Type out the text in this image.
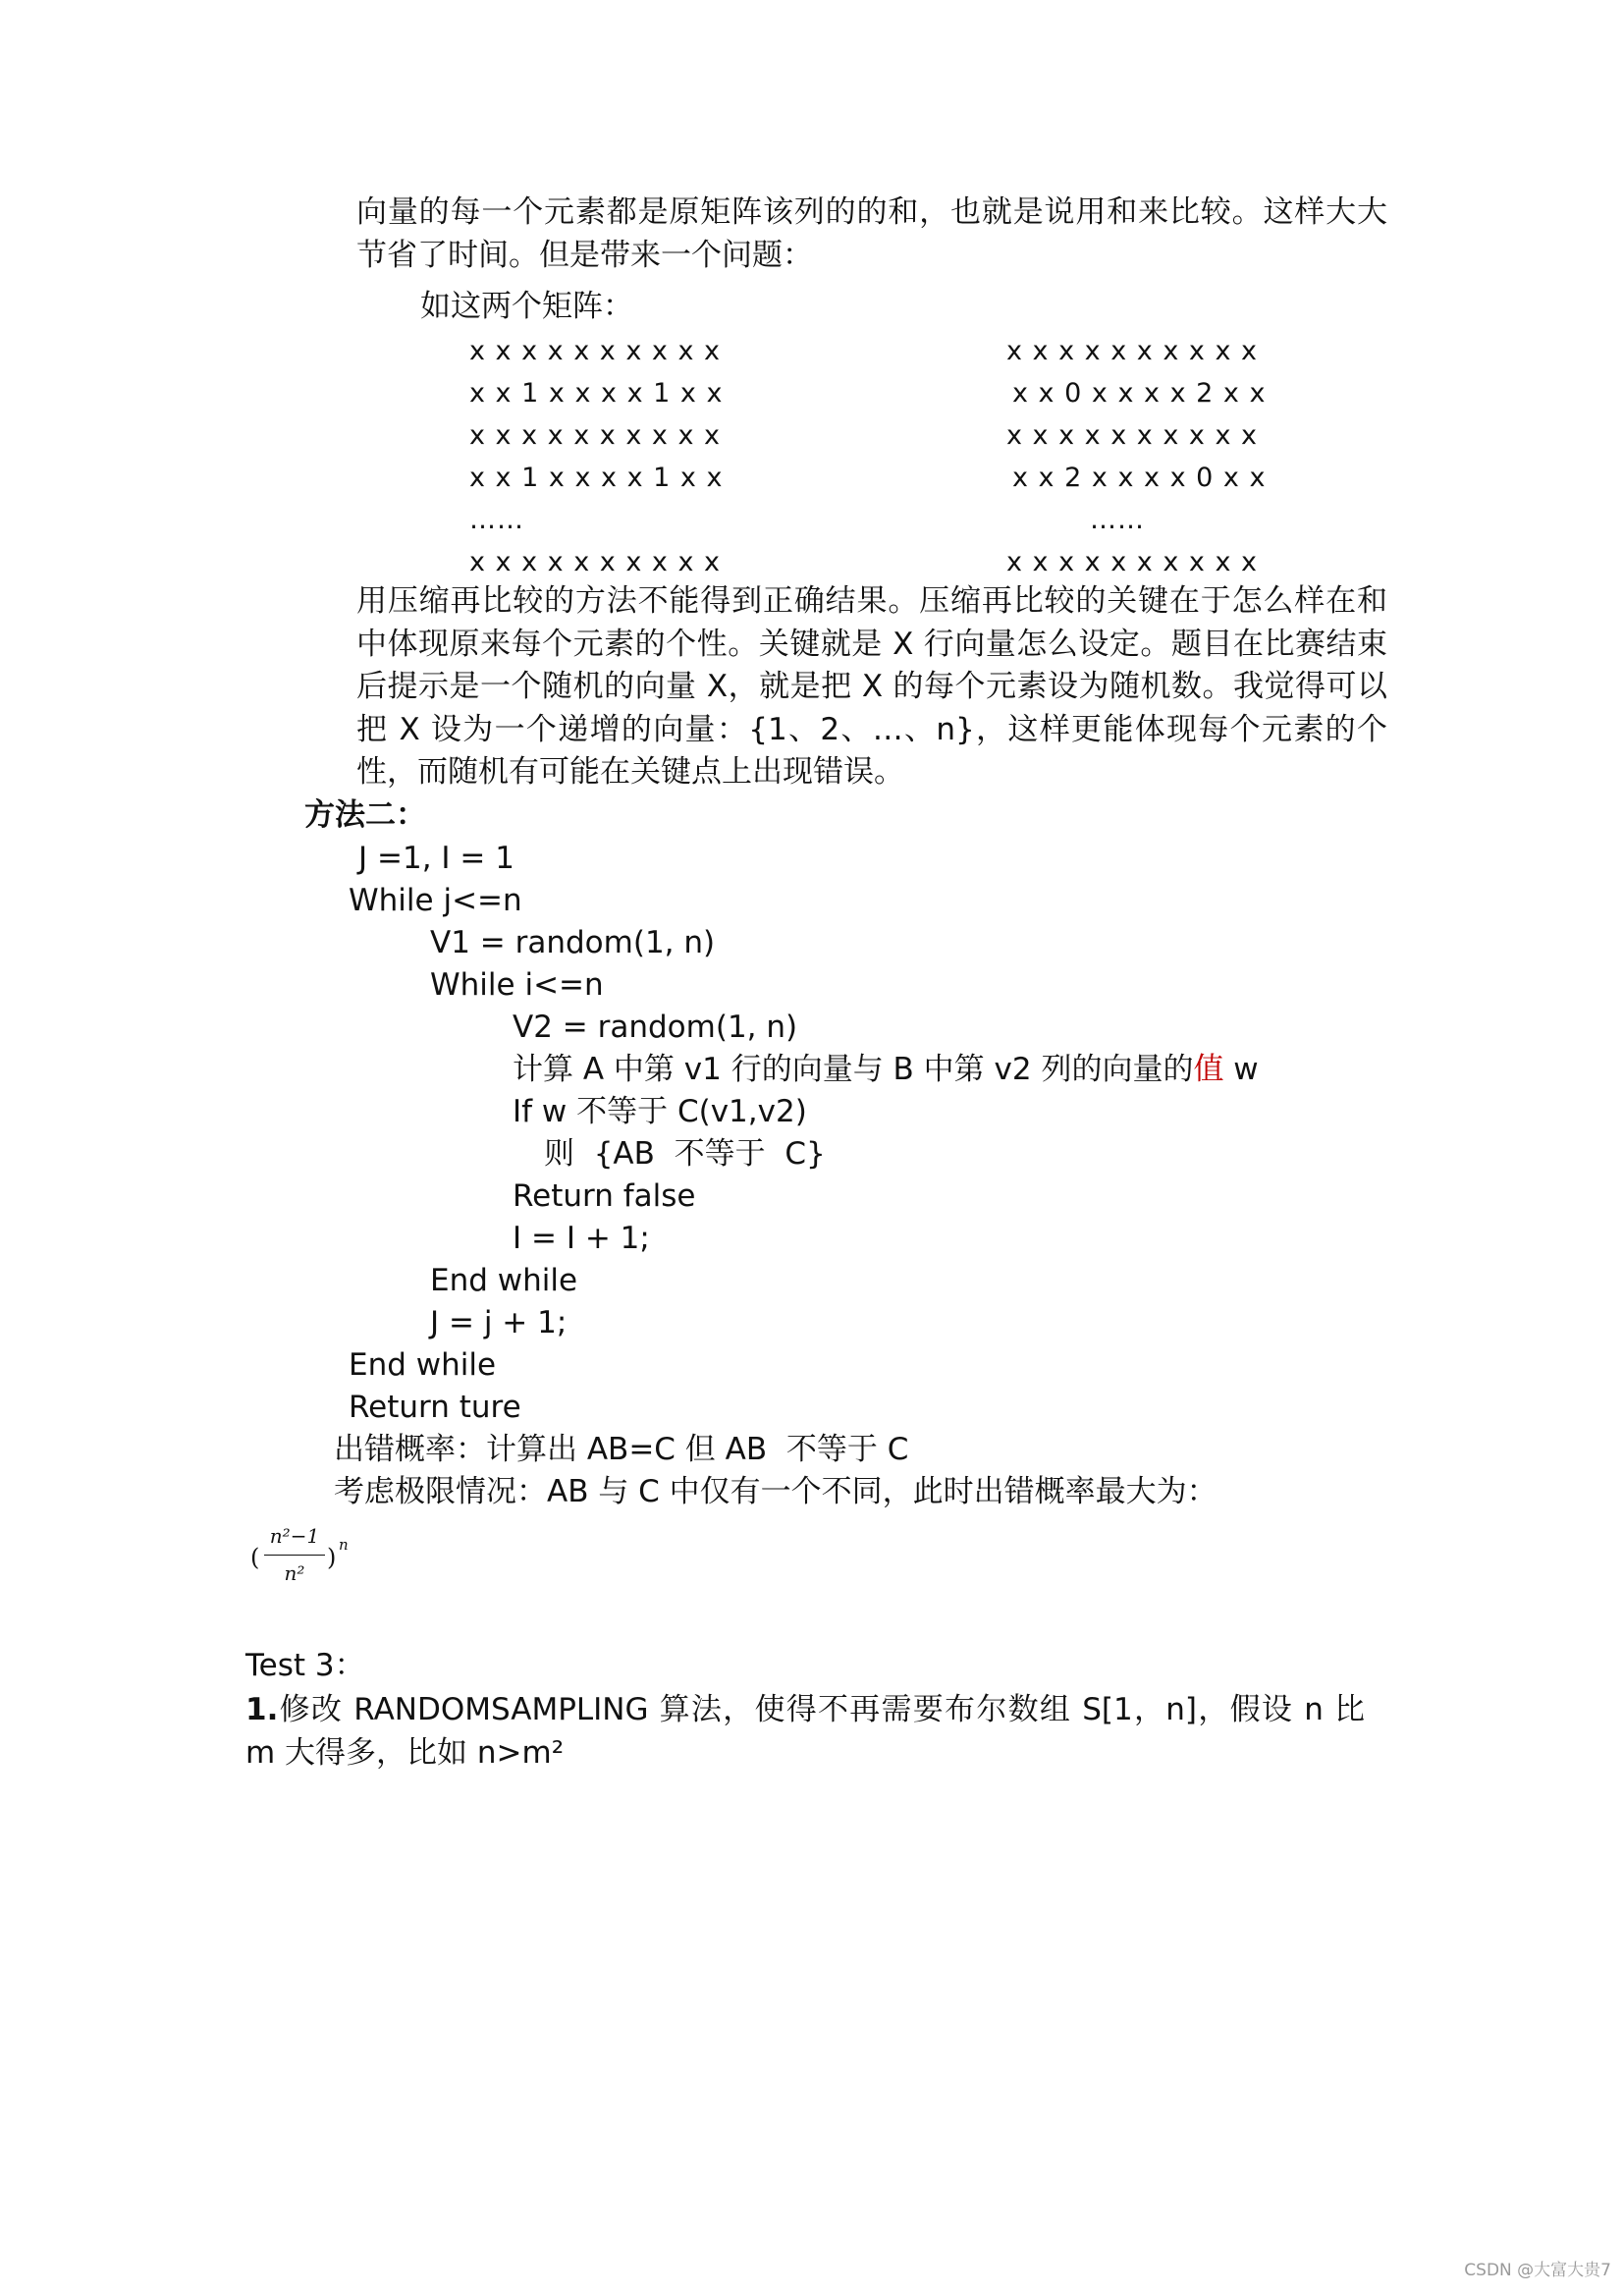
向量的每一个元素都是原矩阵该列的的和，也就是说用和来比较。这样大大节省了时间。但是带来一个问题：
如这两个矩阵：
x x x x x x x x x x
x x 1 x x x x 1 x x
x x x x x x x x x x
x x 1 x x x x 1 x x
……
x x x x x x x x x x
x x x x x x x x x x
x x 0 x x x x 2 x x
x x x x x x x x x x
x x 2 x x x x 0 x x
……
x x x x x x x x x x
用压缩再比较的方法不能得到正确结果。压缩再比较的关键在于怎么样在和中体现原来每个元素的个性。关键就是 X 行向量怎么设定。题目在比赛结束后提示是一个随机的向量 X，就是把 X 的每个元素设为随机数。我觉得可以把 X 设为一个递增的向量：{1、2、…、n}，这样更能体现每个元素的个性，而随机有可能在关键点上出现错误。
方法二：
J =1, I = 1
While j<=n
V1 = random(1, n)
While i<=n
V2 = random(1, n)
计算 A 中第 v1 行的向量与 B 中第 v2 列的向量的值 w
If w 不等于 C(v1,v2)
则  {AB  不等于  C}
Return false
I = I + 1;
End while
J = j + 1;
End while
Return ture
出错概率：计算出 AB=C 但 AB  不等于 C
考虑极限情况：AB 与 C 中仅有一个不同，此时出错概率最大为：
(
n²−1
n²
) n
Test 3：
1.修改 RANDOMSAMPLING 算法，使得不再需要布尔数组 S[1，n]，假设 n 比 m 大得多，比如 n>m²
CSDN @大富大贵7
